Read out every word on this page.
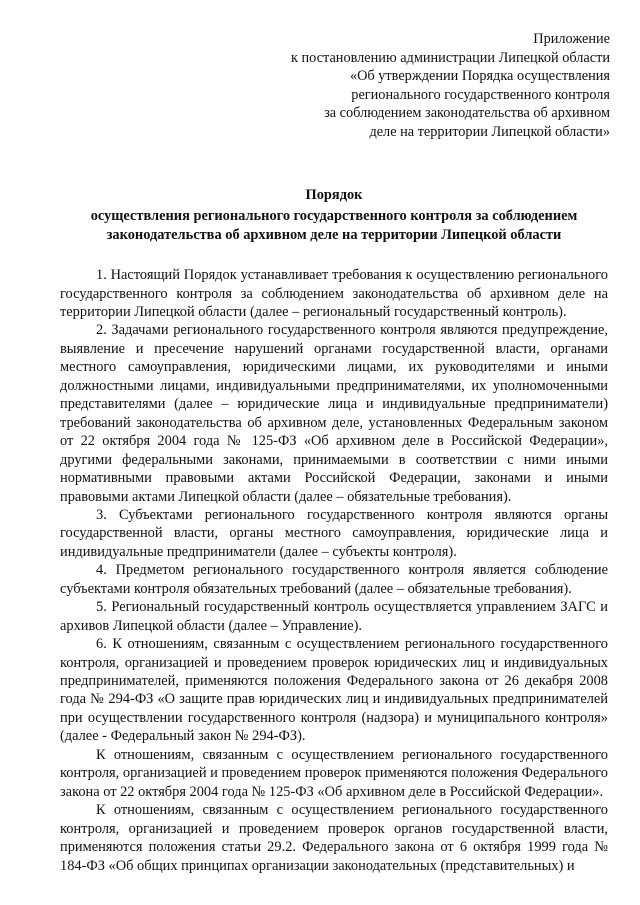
Приложение
к постановлению администрации Липецкой области
«Об утверждении Порядка осуществления
регионального государственного контроля
за соблюдением законодательства об архивном
деле на территории Липецкой области»
Порядок
осуществления регионального государственного контроля за соблюдением законодательства об архивном деле на территории Липецкой области

1. Настоящий Порядок устанавливает требования к осуществлению регионального государственного контроля за соблюдением законодательства об архивном деле на территории Липецкой области (далее – региональный государственный контроль).

2. Задачами регионального государственного контроля являются предупреждение, выявление и пресечение нарушений органами государственной власти, органами местного самоуправления, юридическими лицами, их руководителями и иными должностными лицами, индивидуальными предпринимателями, их уполномоченными представителями (далее – юридические лица и индивидуальные предприниматели) требований законодательства об архивном деле, установленных Федеральным законом от 22 октября 2004 года № 125-ФЗ «Об архивном деле в Российской Федерации», другими федеральными законами, принимаемыми в соответствии с ними иными нормативными правовыми актами Российской Федерации, законами и иными правовыми актами Липецкой области (далее – обязательные требования).

3. Субъектами регионального государственного контроля являются органы государственной власти, органы местного самоуправления, юридические лица и индивидуальные предприниматели (далее – субъекты контроля).

4. Предметом регионального государственного контроля является соблюдение субъектами контроля обязательных требований (далее – обязательные требования).

5. Региональный государственный контроль осуществляется управлением ЗАГС и архивов Липецкой области (далее – Управление).

6. К отношениям, связанным с осуществлением регионального государственного контроля, организацией и проведением проверок юридических лиц и индивидуальных предпринимателей, применяются положения Федерального закона от 26 декабря 2008 года № 294-ФЗ «О защите прав юридических лиц и индивидуальных предпринимателей при осуществлении государственного контроля (надзора) и муниципального контроля» (далее - Федеральный закон № 294-ФЗ).

К отношениям, связанным с осуществлением регионального государственного контроля, организацией и проведением проверок применяются положения Федерального закона от 22 октября 2004 года № 125-ФЗ «Об архивном деле в Российской Федерации».

К отношениям, связанным с осуществлением регионального государственного контроля, организацией и проведением проверок органов государственной власти, применяются положения статьи 29.2. Федерального закона от 6 октября 1999 года № 184-ФЗ «Об общих принципах организации законодательных (представительных) и
